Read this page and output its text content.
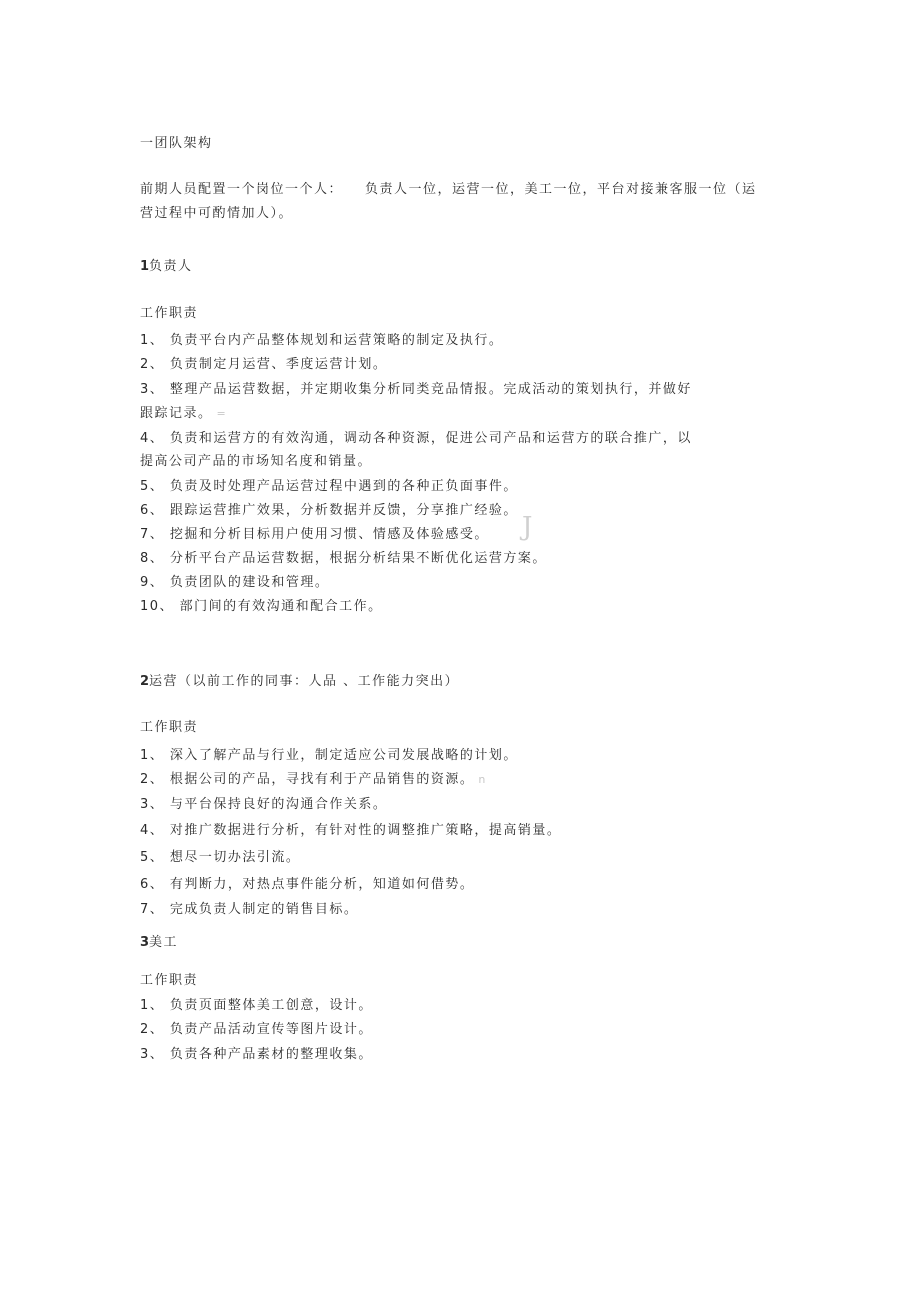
一团队架构
前期人员配置一个岗位一个人： 负责人一位，运营一位，美工一位，平台对接兼客服一位（运
营过程中可酌情加人）。
1负责人
工作职责
1、 负责平台内产品整体规划和运营策略的制定及执行。
2、 负责制定月运营、季度运营计划。
3、 整理产品运营数据，并定期收集分析同类竞品情报。完成活动的策划执行，并做好
跟踪记录。 =
4、 负责和运营方的有效沟通，调动各种资源，促进公司产品和运营方的联合推广，以
提高公司产品的市场知名度和销量。
5、 负责及时处理产品运营过程中遇到的各种正负面事件。
6、 跟踪运营推广效果，分析数据并反馈，分享推广经验。
7、 挖掘和分析目标用户使用习惯、情感及体验感受。
8、 分析平台产品运营数据，根据分析结果不断优化运营方案。
9、 负责团队的建设和管理。
10、 部门间的有效沟通和配合工作。
J
2运营（以前工作的同事：人品 、工作能力突出）
工作职责
1、 深入了解产品与行业，制定适应公司发展战略的计划。
2、 根据公司的产品，寻找有利于产品销售的资源。 n
3、 与平台保持良好的沟通合作关系。
4、 对推广数据进行分析，有针对性的调整推广策略，提高销量。
5、 想尽一切办法引流。
6、 有判断力，对热点事件能分析，知道如何借势。
7、 完成负责人制定的销售目标。
3美工
工作职责
1、 负责页面整体美工创意，设计。
2、 负责产品活动宣传等图片设计。
3、 负责各种产品素材的整理收集。
